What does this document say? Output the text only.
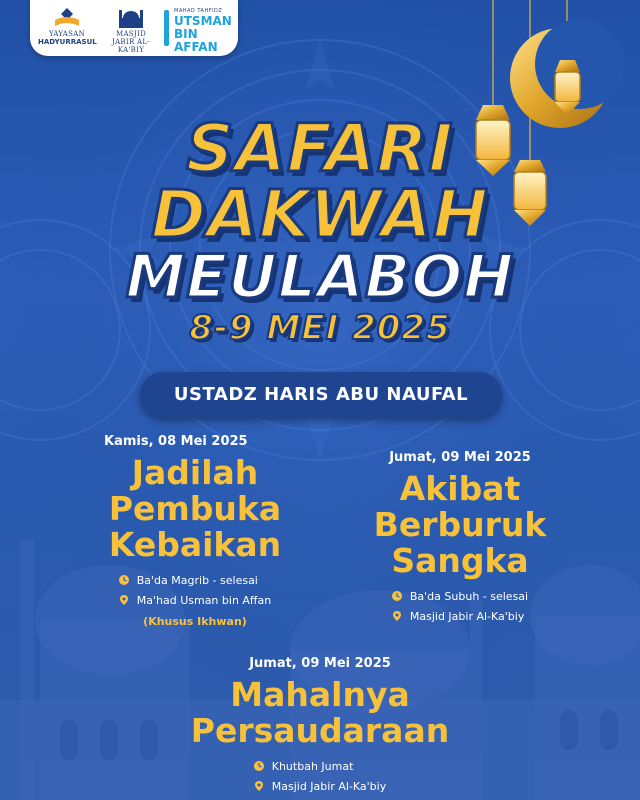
YAYASAN
HADYURRASUL
MASJID
JABIR AL-KA'BIY
MAHAD TAHFIDZ
UTSMAN
BIN AFFAN
SAFARI
DAKWAH
MEULABOH
8-9 MEI 2025
USTADZ HARIS ABU NAUFAL
Kamis, 08 Mei 2025
Jadilah
Pembuka
Kebaikan
Ba'da Magrib - selesai
Ma'had Usman bin Affan
(Khusus Ikhwan)
Jumat, 09 Mei 2025
Akibat
Berburuk
Sangka
Ba'da Subuh - selesai
Masjid Jabir Al-Ka'biy
Jumat, 09 Mei 2025
Mahalnya
Persaudaraan
Khutbah Jumat
Masjid Jabir Al-Ka'biy
